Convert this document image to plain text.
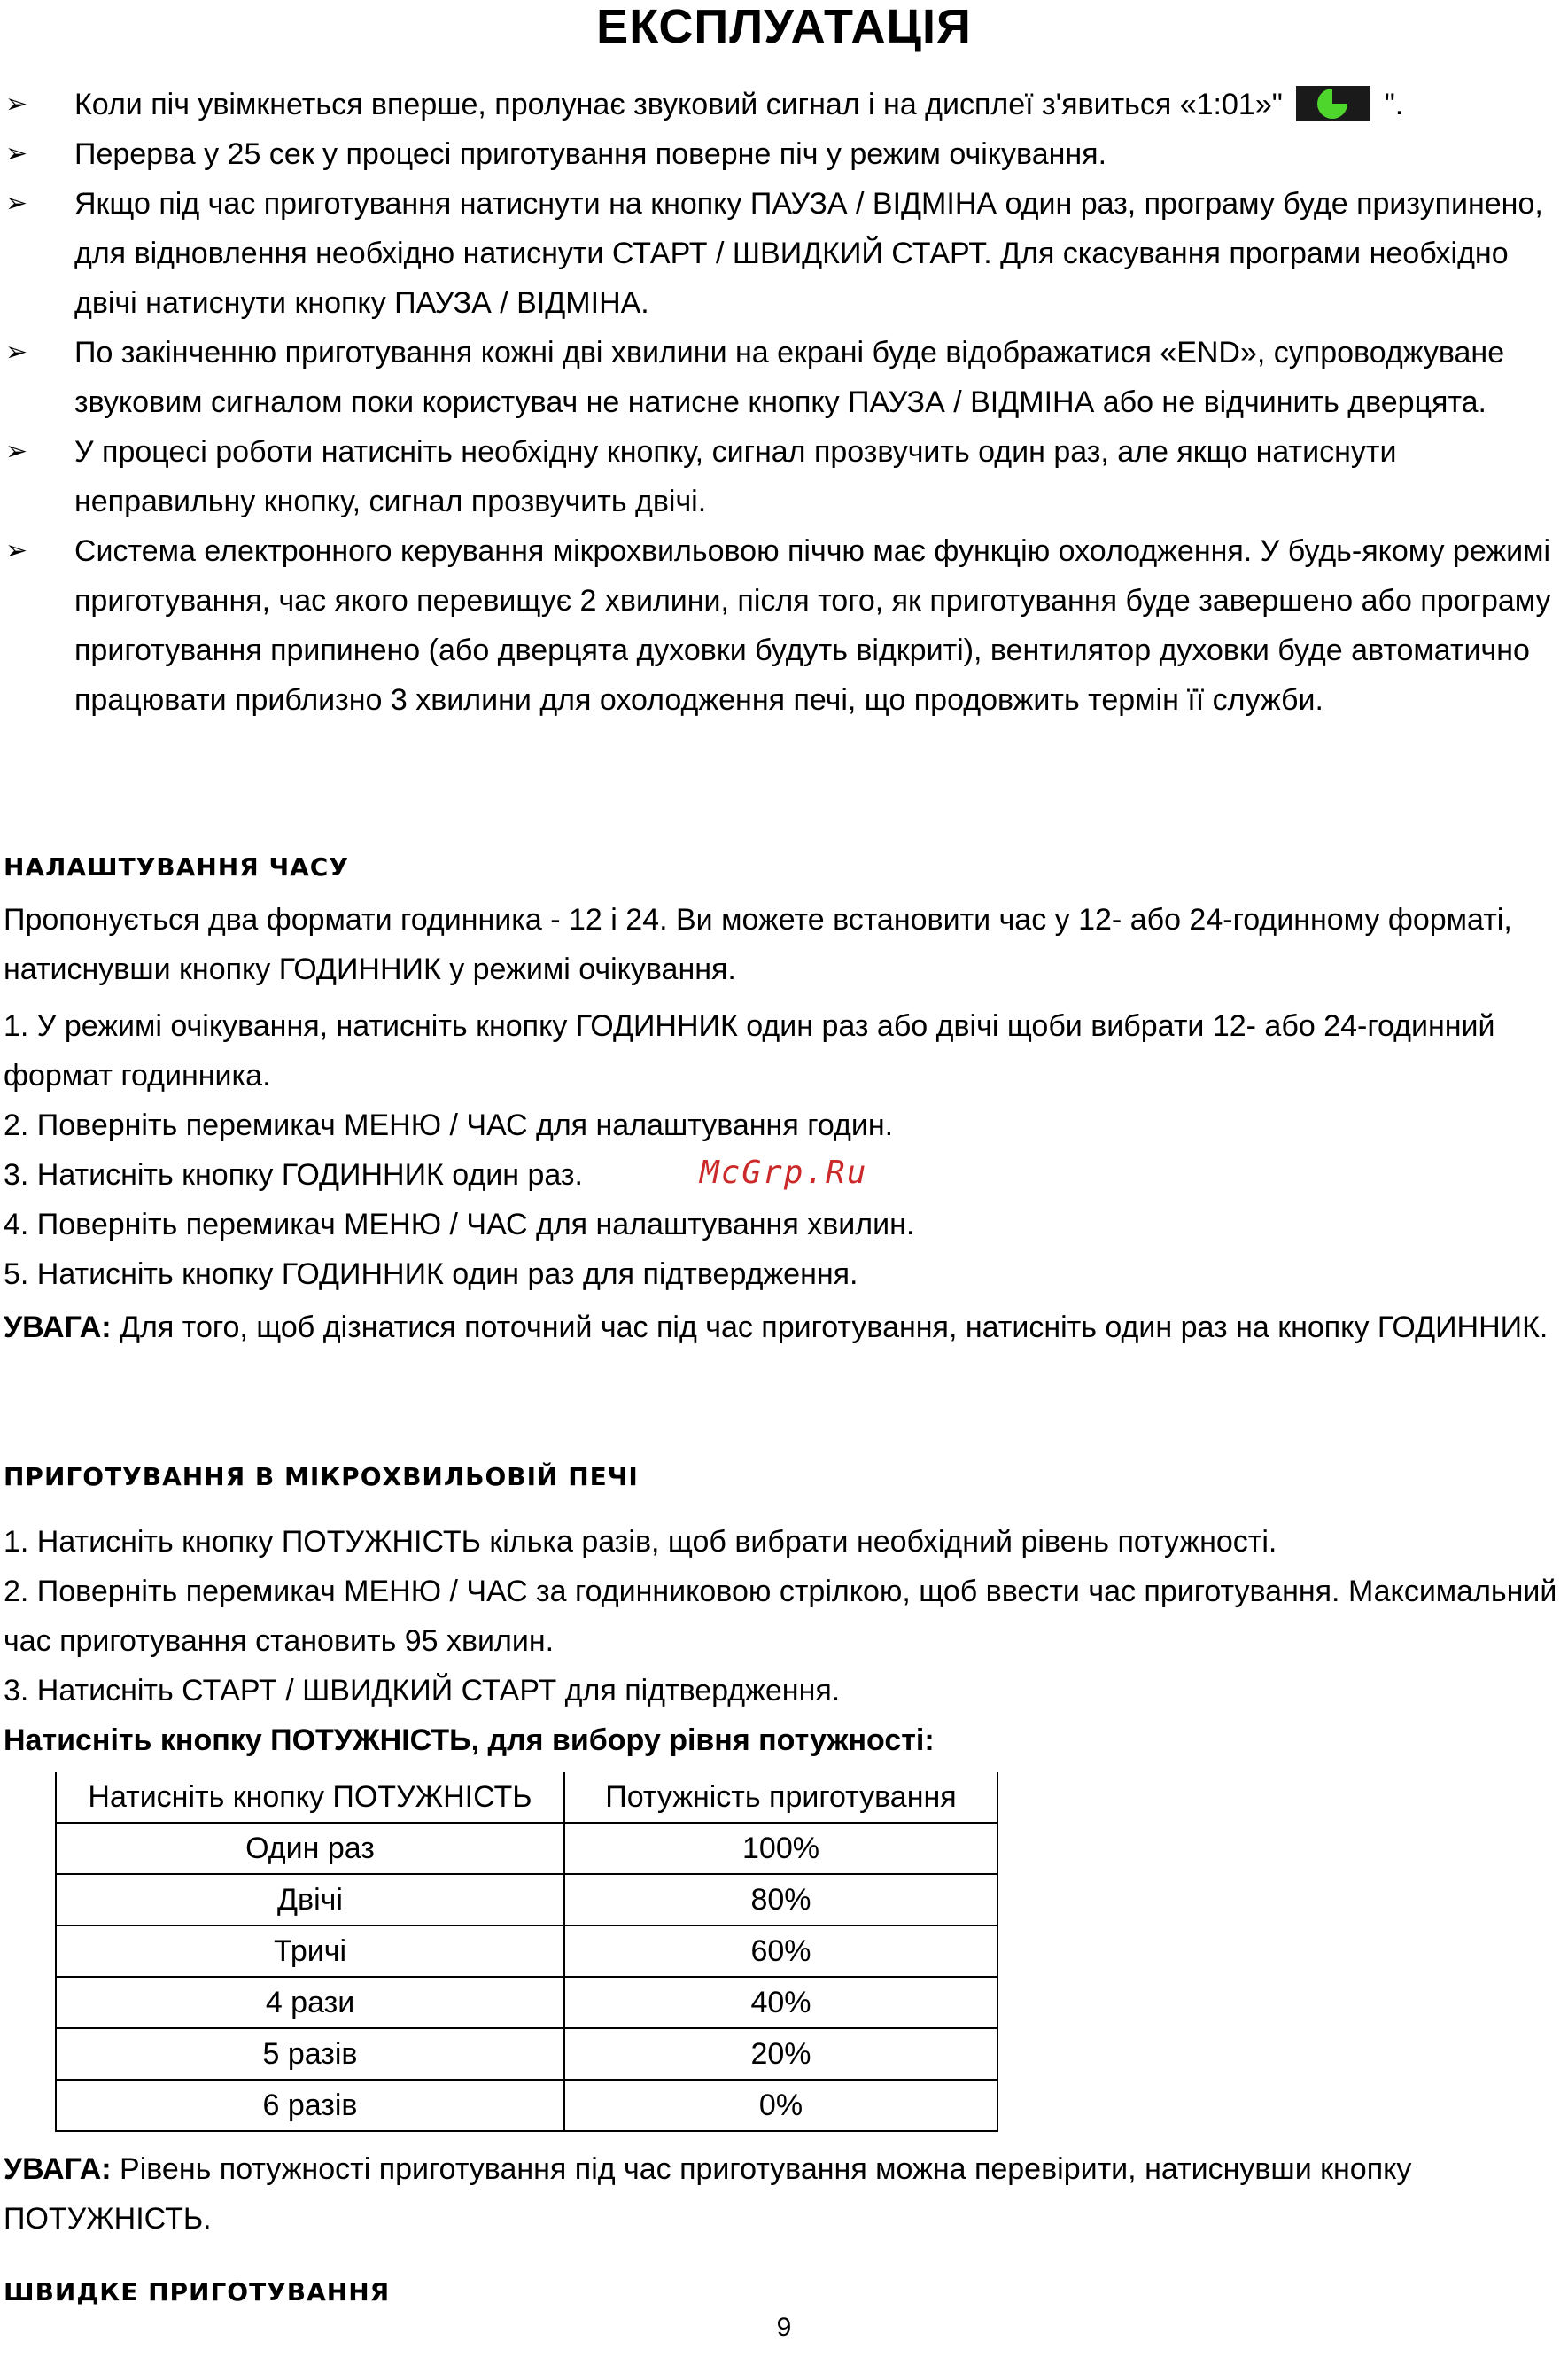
ЕКСПЛУАТАЦІЯ
➢ Коли піч увімкнеться вперше, пролунає звуковий сигнал і на дисплеї з'явиться «1:01»"	".
➢ Перерва у 25 сек у процесі приготування поверне піч у режим очікування.
➢ Якщо під час приготування натиснути на кнопку ПАУЗА / ВІДМІНА один раз, програму буде призупинено, для відновлення необхідно натиснути СТАРТ / ШВИДКИЙ СТАРТ. Для скасування програми необхідно двічі натиснути кнопку ПАУЗА / ВІДМІНА.
➢ По закінченню приготування кожні дві хвилини на екрані буде відображатися «END», супроводжуване звуковим сигналом поки користувач не натисне кнопку ПАУЗА / ВІДМІНА або не відчинить дверцята.
➢ У процесі роботи натисніть необхідну кнопку, сигнал прозвучить один раз, але якщо натиснути неправильну кнопку, сигнал прозвучить двічі.
➢ Система електронного керування мікрохвильовою піччю має функцію охолодження. У будь-якому режимі приготування, час якого перевищує 2 хвилини, після того, як приготування буде завершено або програму приготування припинено (або дверцята духовки будуть відкриті), вентилятор духовки буде автоматично працювати приблизно 3 хвилини для охолодження печі, що продовжить термін її служби.
НАЛАШТУВАННЯ ЧАСУ
Пропонується два формати годинника - 12 і 24. Ви можете встановити час у 12- або 24-годинному форматі, натиснувши кнопку ГОДИННИК у режимі очікування.
1. У режимі очікування, натисніть кнопку ГОДИННИК один раз або двічі щоби вибрати 12- або 24-годинний формат годинника.
2. Поверніть перемикач МЕНЮ / ЧАС для налаштування годин.
3. Натисніть кнопку ГОДИННИК один раз.	McGrp.Ru
4. Поверніть перемикач МЕНЮ / ЧАС для налаштування хвилин.
5. Натисніть кнопку ГОДИННИК один раз для підтвердження.
УВАГА: Для того, щоб дізнатися поточний час під час приготування, натисніть один раз на кнопку ГОДИННИК.
ПРИГОТУВАННЯ В МІКРОХВИЛЬОВІЙ ПЕЧІ
1. Натисніть кнопку ПОТУЖНІСТЬ кілька разів, щоб вибрати необхідний рівень потужності.
2. Поверніть перемикач МЕНЮ / ЧАС за годинниковою стрілкою, щоб ввести час приготування. Максимальний час приготування становить 95 хвилин.
3. Натисніть СТАРТ / ШВИДКИЙ СТАРТ для підтвердження.
Натисніть кнопку ПОТУЖНІСТЬ, для вибору рівня потужності:
Натисніть кнопку ПОТУЖНІСТЬ	Потужність приготування
Один раз	100%
Двічі	80%
Тричі	60%
4 рази	40%
5 разів	20%
6 разів	0%
УВАГА: Рівень потужності приготування під час приготування можна перевірити, натиснувши кнопку ПОТУЖНІСТЬ.
ШВИДКЕ ПРИГОТУВАННЯ
9
